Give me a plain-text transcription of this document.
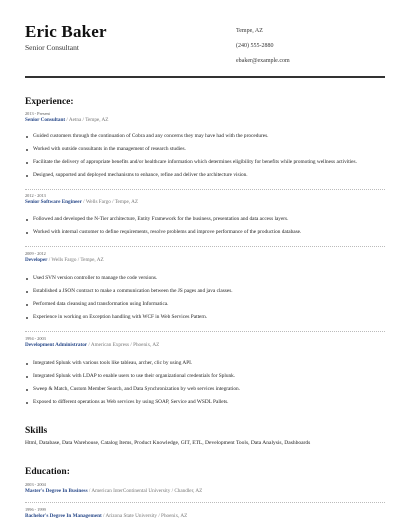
Eric Baker
Senior Consultant
Tempe, AZ
(240) 555-2880
ebaker@example.com
Experience:
2013 - Present
Senior Consultant / Aetna / Tempe, AZ
Guided customers through the continuation of Cobra and any concerns they may have had with the procedures.
Worked with outside consultants in the management of research studies.
Facilitate the delivery of appropriate benefits and/or healthcare information which determines eligibility for benefits while promoting wellness activities.
Designed, supported and deployed mechanisms to enhance, refine and deliver the architecture vision.
2012 - 2013
Senior Software Engineer / Wells Fargo / Tempe, AZ
Followed and developed the N-Tier architecture, Entity Framework for the business, presentation and data access layers.
Worked with internal customer to define requirements, resolve problems and improve performance of the production database.
2009 - 2012
Developer / Wells Fargo / Tempe, AZ
Used SVN version controller to manage the code versions.
Established a JSON contract to make a communication between the JS pages and java classes.
Performed data cleansing and transformation using Informatica.
Experience in working on Exception handling with WCF in Web Services Pattern.
1994 - 2003
Development Administrator / American Express / Phoenix, AZ
Integrated Splunk with various tools like tableau, archer, clic by using API.
Integrated Splunk with LDAP to enable users to use their organizational credentials for Splunk.
Sweep & Match, Custom Member Search, and Data Synchronization by web services integration.
Exposed to different operations as Web services by using SOAP, Service and WSDL Pallets.
Skills
Html, Database, Data Warehouse, Catalog Items, Product Knowledge, GIT, ETL, Development Tools, Data Analysis, Dashboards
Education:
2003 - 2004
Master's Degree In Business / American InterContinental University / Chandler, AZ
1996 - 1999
Bachelor's Degree In Management / Arizona State University / Phoenix, AZ
